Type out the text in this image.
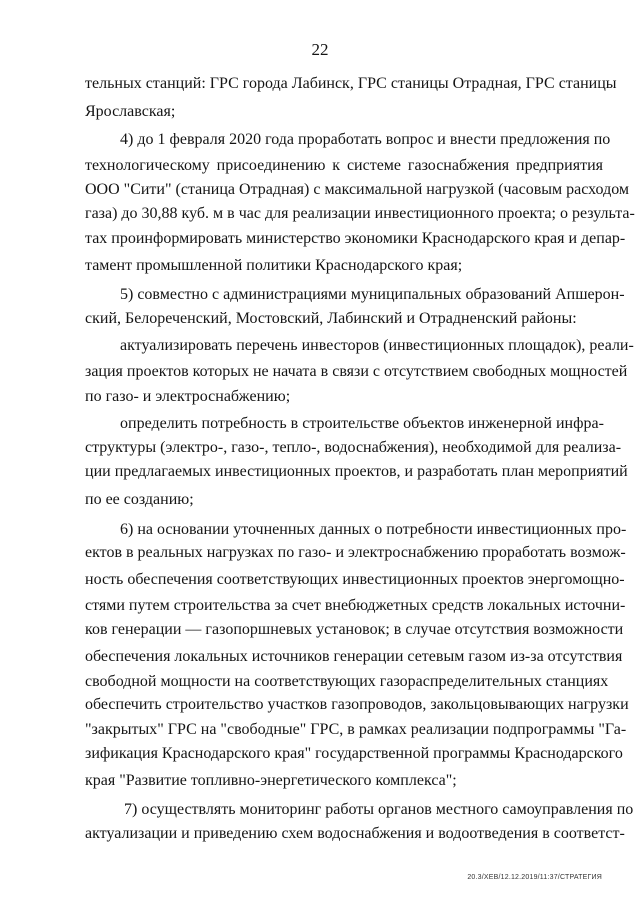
22
тельных станций: ГРС города Лабинск, ГРС станицы Отрадная, ГРС станицы
Ярославская;
4) до 1 февраля 2020 года проработать вопрос и внести предложения по
технологическому присоединению к системе газоснабжения предприятия
ООО "Сити" (станица Отрадная) с максимальной нагрузкой (часовым расходом
газа) до 30,88 куб. м в час для реализации инвестиционного проекта; о результа-
тах проинформировать министерство экономики Краснодарского края и депар-
тамент промышленной политики Краснодарского края;
5) совместно с администрациями муниципальных образований Апшерон-
ский, Белореченский, Мостовский, Лабинский и Отрадненский районы:
актуализировать перечень инвесторов (инвестиционных площадок), реали-
зация проектов которых не начата в связи с отсутствием свободных мощностей
по газо- и электроснабжению;
определить потребность в строительстве объектов инженерной инфра-
структуры (электро-, газо-, тепло-, водоснабжения), необходимой для реализа-
ции предлагаемых инвестиционных проектов, и разработать план мероприятий
по ее созданию;
6) на основании уточненных данных о потребности инвестиционных про-
ектов в реальных нагрузках по газо- и электроснабжению проработать возмож-
ность обеспечения соответствующих инвестиционных проектов энергомощно-
стями путем строительства за счет внебюджетных средств локальных источни-
ков генерации — газопоршневых установок; в случае отсутствия возможности
обеспечения локальных источников генерации сетевым газом из-за отсутствия
свободной мощности на соответствующих газораспределительных станциях
обеспечить строительство участков газопроводов, закольцовывающих нагрузки
"закрытых" ГРС на "свободные" ГРС, в рамках реализации подпрограммы "Га-
зификация Краснодарского края" государственной программы Краснодарского
края "Развитие топливно-энергетического комплекса";
7) осуществлять мониторинг работы органов местного самоуправления по
актуализации и приведению схем водоснабжения и водоотведения в соответст-
20.3/ХЕВ/12.12.2019/11:37/СТРАТЕГИЯ
